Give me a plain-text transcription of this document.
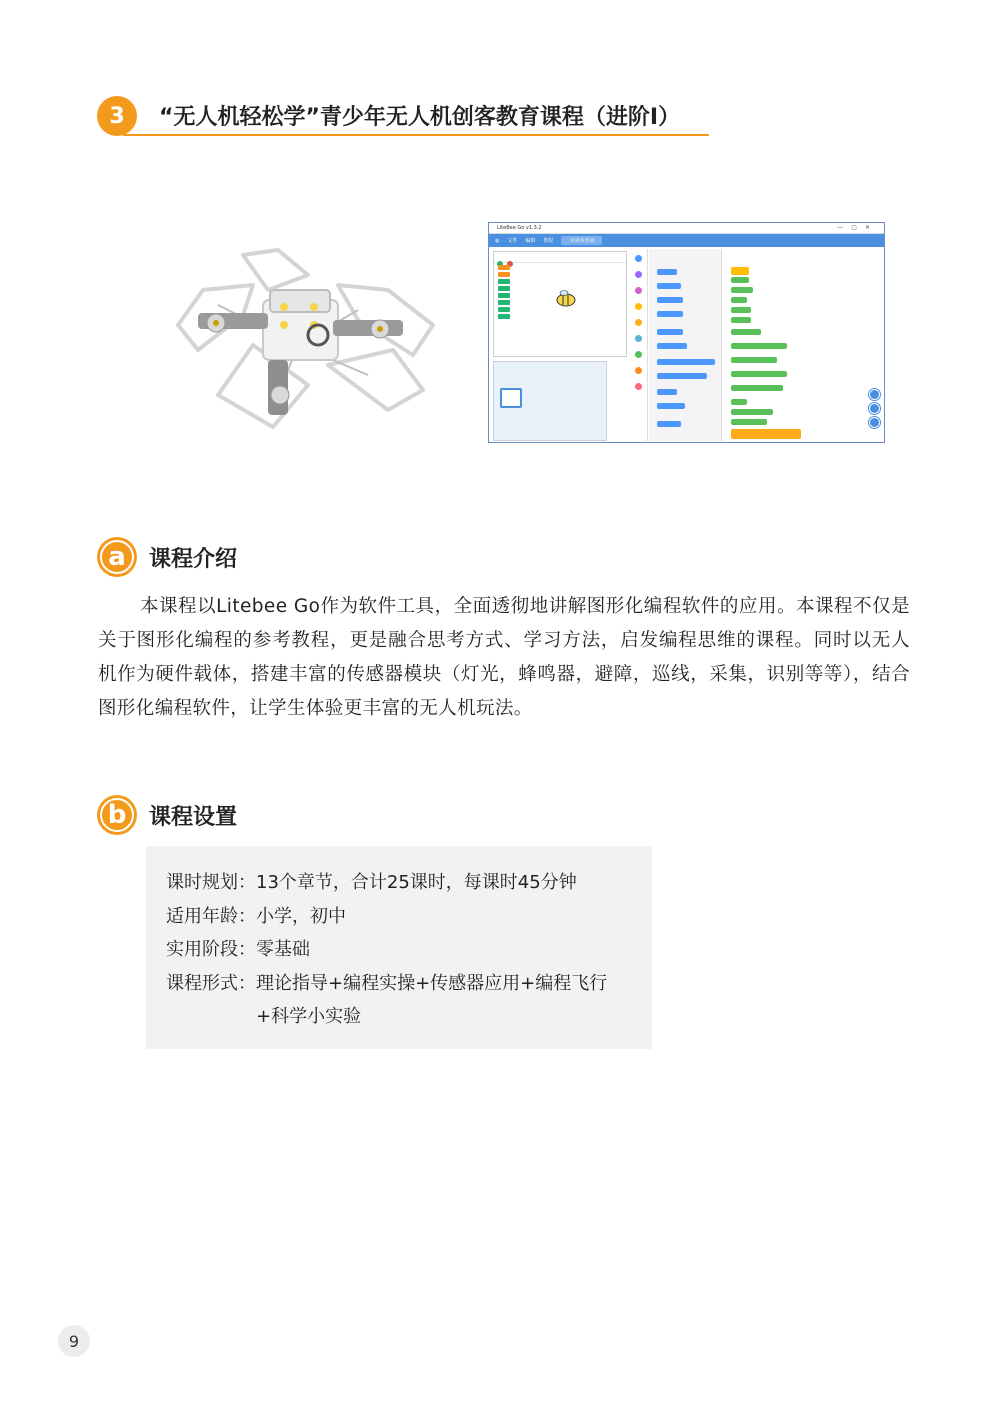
3	“无人机轻松学”青少年无人机创客教育课程（进阶I）
LiteBee Go v1.3.2	—▢✕
◍ 文件 编辑 教程	未命名作品
a	课程介绍
本课程以Litebee Go作为软件工具，全面透彻地讲解图形化编程软件的应用。本课程不仅是关于图形化编程的参考教程，更是融合思考方式、学习方法，启发编程思维的课程。同时以无人机作为硬件载体，搭建丰富的传感器模块（灯光，蜂鸣器，避障，巡线，采集，识别等等），结合图形化编程软件，让学生体验更丰富的无人机玩法。
b	课程设置
课时规划： 13个章节，合计25课时，每课时45分钟
适用年龄： 小学，初中
实用阶段： 零基础
课程形式： 理论指导+编程实操+传感器应用+编程飞行+科学小实验
9
